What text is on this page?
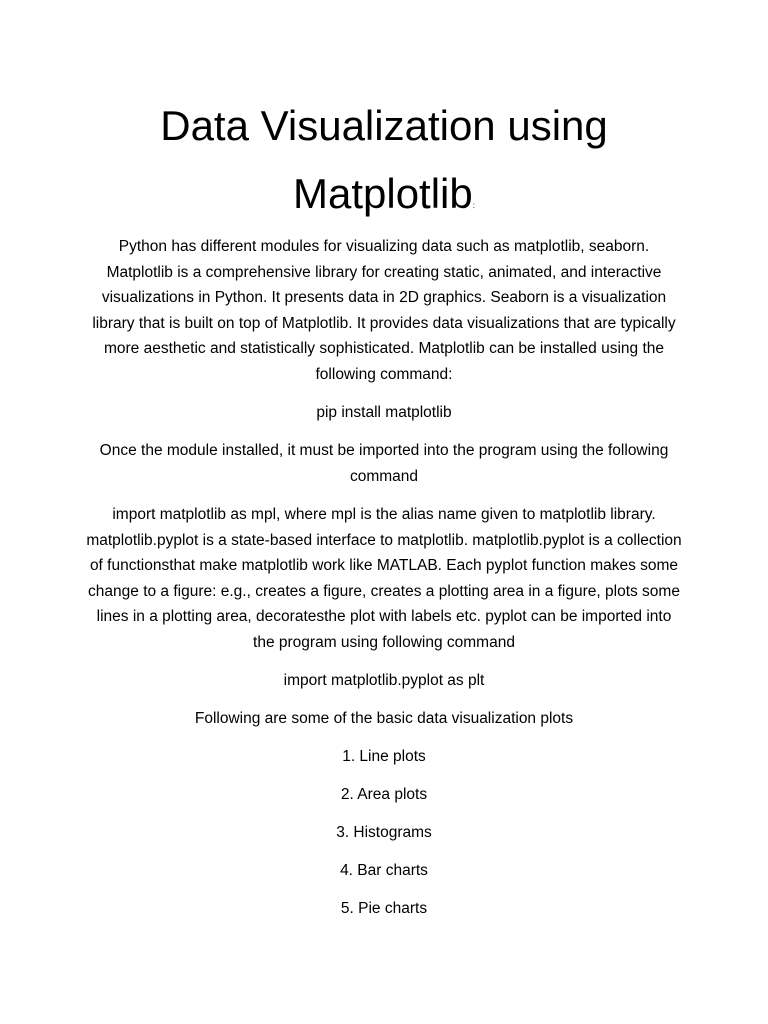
Data Visualization using Matplotlib:

Python has different modules for visualizing data such as matplotlib, seaborn. Matplotlib is a comprehensive library for creating static, animated, and interactive visualizations in Python. It presents data in 2D graphics. Seaborn is a visualization library that is built on top of Matplotlib. It provides data visualizations that are typically more aesthetic and statistically sophisticated. Matplotlib can be installed using the following command:

pip install matplotlib

Once the module installed, it must be imported into the program using the following command

import matplotlib as mpl, where mpl is the alias name given to matplotlib library. matplotlib.pyplot is a state-based interface to matplotlib. matplotlib.pyplot is a collection of functionsthat make matplotlib work like MATLAB. Each pyplot function makes some change to a figure: e.g., creates a figure, creates a plotting area in a figure, plots some lines in a plotting area, decoratesthe plot with labels etc. pyplot can be imported into the program using following command

import matplotlib.pyplot as plt

Following are some of the basic data visualization plots

1. Line plots

2. Area plots

3. Histograms

4. Bar charts

5. Pie charts
